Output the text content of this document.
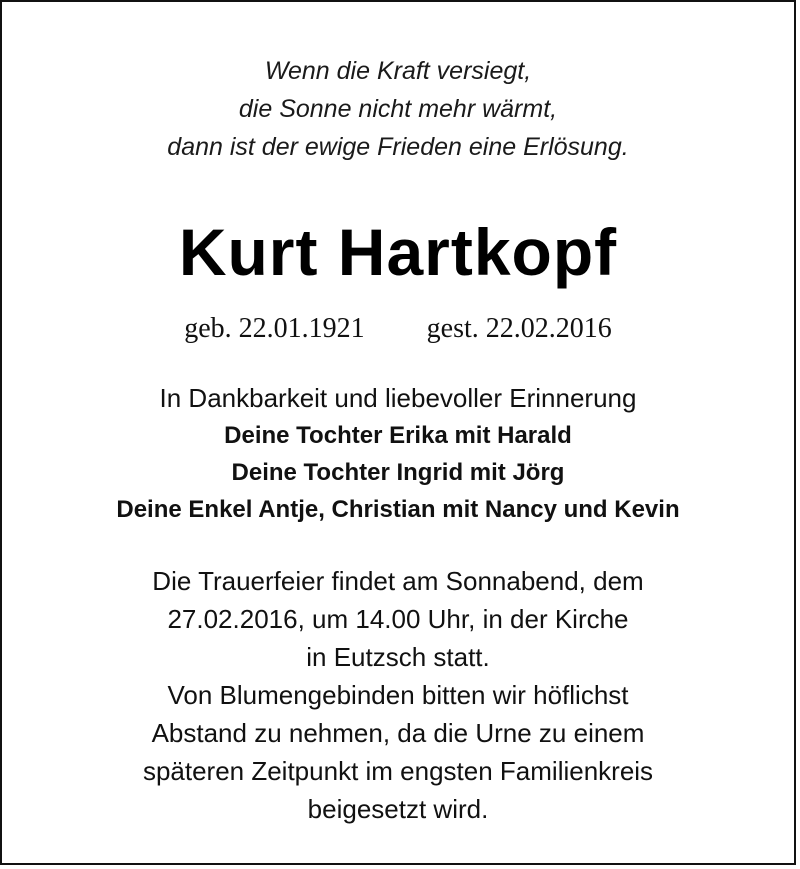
Wenn die Kraft versiegt,
die Sonne nicht mehr wärmt,
dann ist der ewige Frieden eine Erlösung.
Kurt Hartkopf
geb. 22.01.1921 gest. 22.02.2016
In Dankbarkeit und liebevoller Erinnerung
Deine Tochter Erika mit Harald
Deine Tochter Ingrid mit Jörg
Deine Enkel Antje, Christian mit Nancy und Kevin
Die Trauerfeier findet am Sonnabend, dem
27.02.2016, um 14.00 Uhr, in der Kirche
in Eutzsch statt.
Von Blumengebinden bitten wir höflichst
Abstand zu nehmen, da die Urne zu einem
späteren Zeitpunkt im engsten Familienkreis
beigesetzt wird.
